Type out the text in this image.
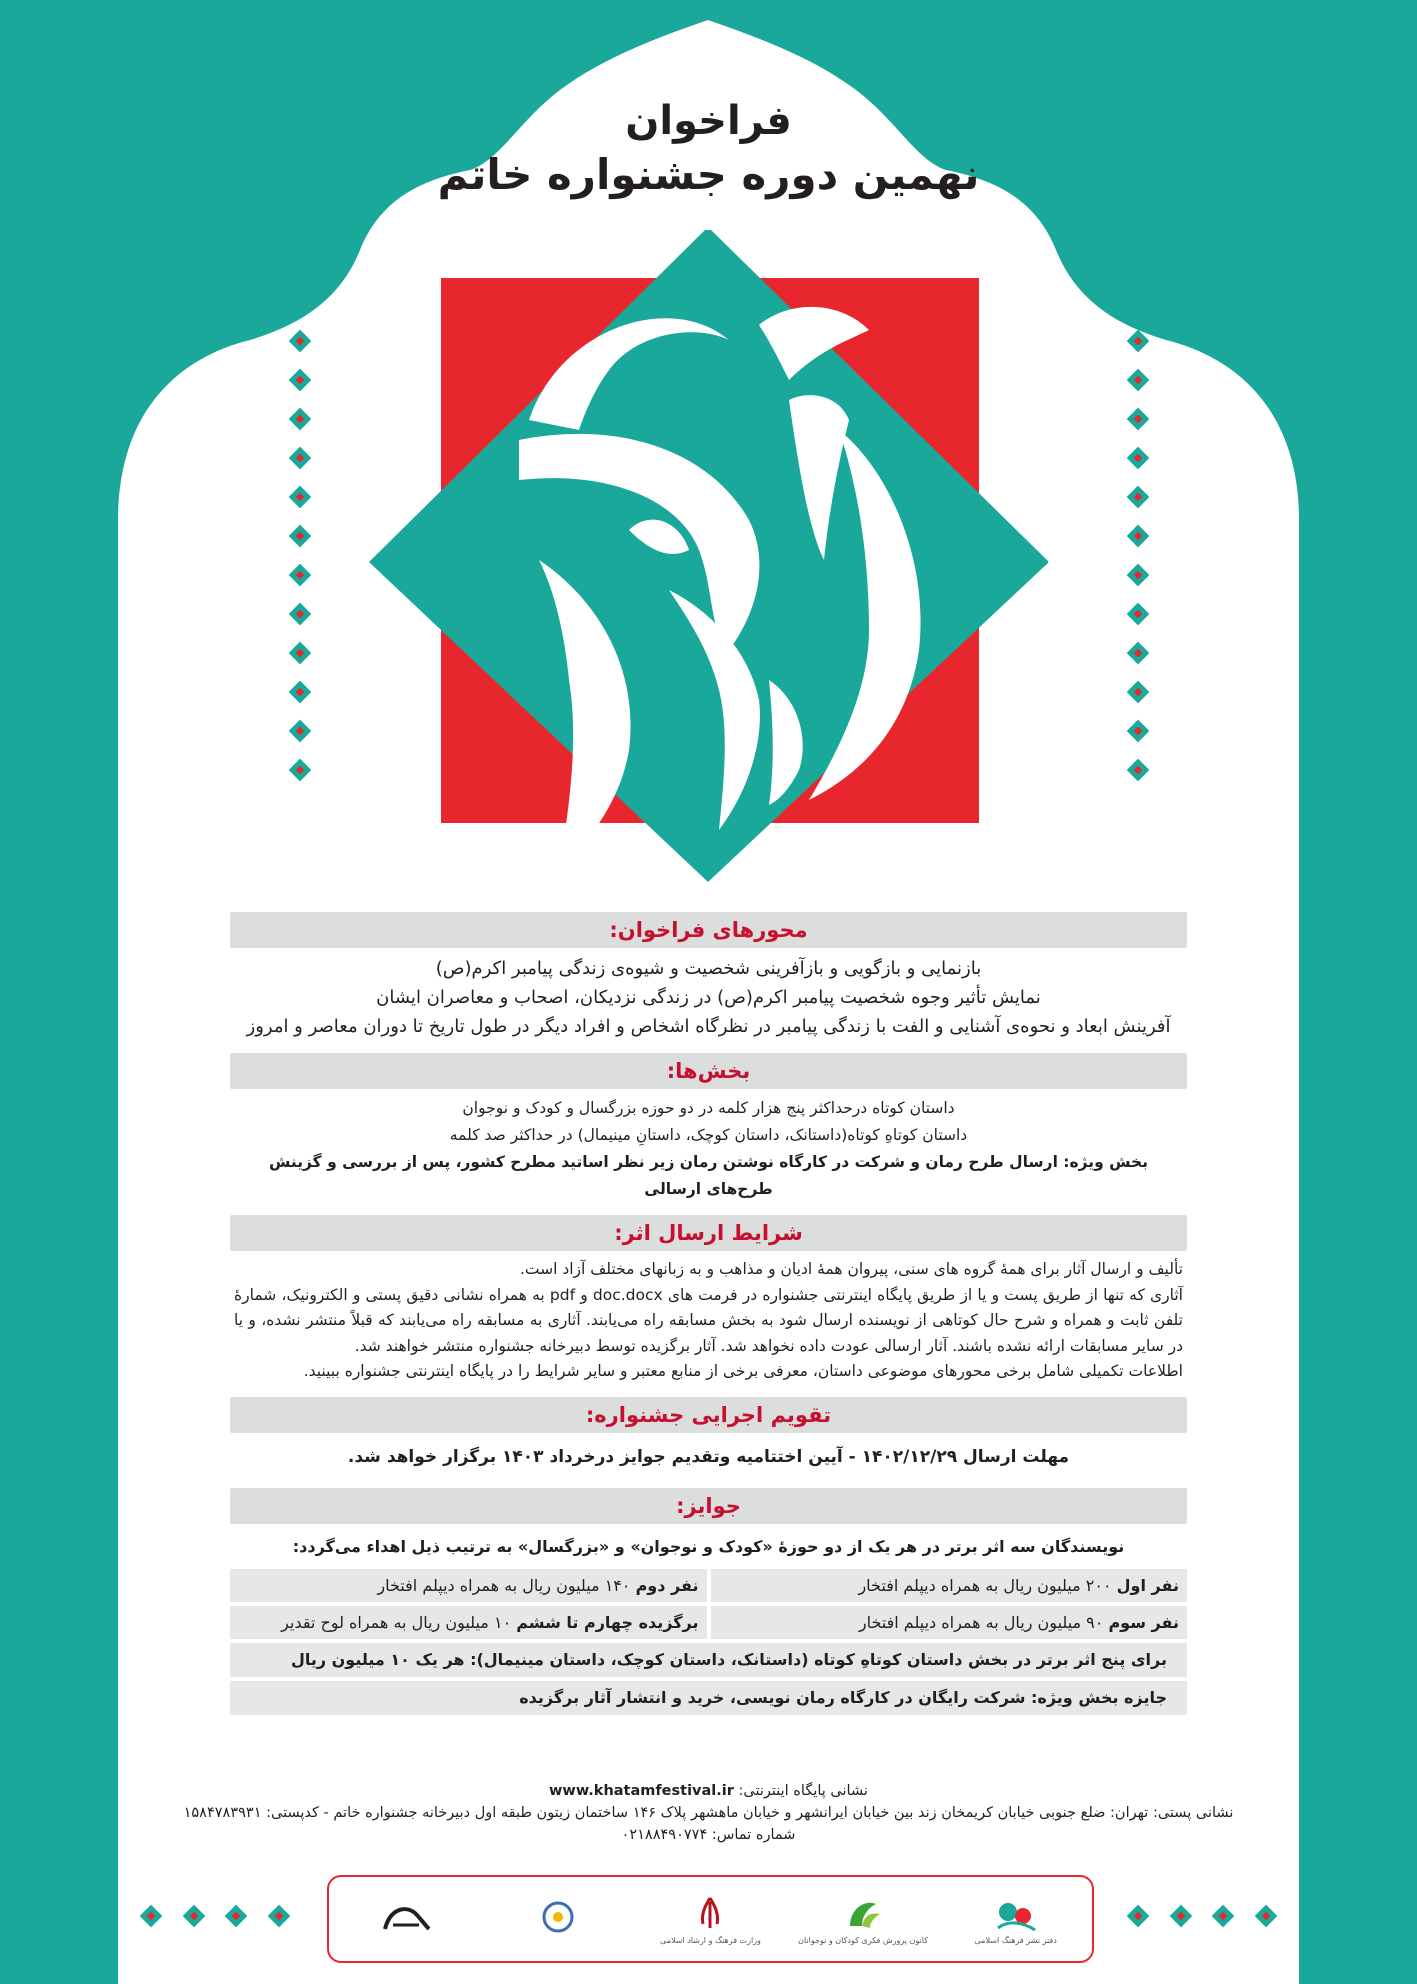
فراخوان
نهمین دوره جشنواره خاتم
محورهای فراخوان:
بازنمایی و بازگویی و بازآفرینی شخصیت و شیوه‌ی زندگی پیامبر اکرم(ص)
نمایش تأثیر وجوه شخصیت پیامبر اکرم(ص) در زندگی نزدیکان، اصحاب و معاصران ایشان
آفرینش ابعاد و نحوه‌ی آشنایی و الفت با زندگی پیامبر در نظرگاه اشخاص و افراد دیگر در طول تاریخ تا دوران معاصر و امروز
بخش‌ها:
داستان کوتاه درحداکثر پنج هزار کلمه در دو حوزه بزرگسال و کودک و نوجوان
داستان کوتاهِ کوتاه(داستانک، داستان کوچک، داستانِ مینیمال) در حداکثر صد کلمه
بخش ویژه: ارسال طرح رمان و شرکت در کارگاه نوشتن رمان زیر نظر اساتید مطرح کشور، پس از بررسی و گزینش طرح‌های ارسالی
شرایط ارسال اثر:
تألیف و ارسال آثار برای همهٔ گروه های سنی، پیروان همهٔ ادیان و مذاهب و به زبانهای مختلف آزاد است.
آثاری که تنها از طریق پست و یا از طریق پایگاه اینترنتی جشنواره در فرمت های doc.docx و pdf به همراه نشانی دقیق پستی و الکترونیک، شمارهٔ تلفن ثابت و همراه و شرح حال کوتاهی از نویسنده ارسال شود به بخش مسابقه راه می‌یابند. آثاری به مسابقه راه می‌یابند که قبلاً منتشر نشده، و یا در سایر مسابقات ارائه نشده باشند. آثار ارسالی عودت داده نخواهد شد. آثار برگزیده توسط دبیرخانه جشنواره منتشر خواهند شد.
اطلاعات تکمیلی شامل برخی محورهای موضوعی داستان، معرفی برخی از منابع معتبر و سایر شرایط را در پایگاه اینترنتی جشنواره ببینید.
تقویم اجرایی جشنواره:
مهلت ارسال ۱۴۰۲/۱۲/۲۹ - آیین اختتامیه وتقدیم جوایز درخرداد ۱۴۰۳ برگزار خواهد شد.
جوایز:
نویسندگان سه اثر برتر در هر یک از دو حوزهٔ «کودک و نوجوان» و «بزرگسال» به ترتیب ذیل اهداء می‌گردد:
نفر اول ۲۰۰ میلیون ریال به همراه دیپلم افتخار
نفر دوم ۱۴۰ میلیون ریال به همراه دیپلم افتخار
نفر سوم ۹۰ میلیون ریال به همراه دیپلم افتخار
برگزیده چهارم تا ششم ۱۰ میلیون ریال به همراه لوح تقدیر
برای پنج اثر برتر در بخش داستان کوتاهِ کوتاه (داستانک، داستان کوچک، داستان مینیمال): هر یک ۱۰ میلیون ریال
جایزه بخش ویژه: شرکت رایگان در کارگاه رمان نویسی، خرید و انتشار آثار برگزیده
نشانی پایگاه اینترنتی: www.khatamfestival.ir
نشانی پستی: تهران: ضلع جنوبی خیابان کریمخان زند بین خیابان ایرانشهر و خیابان ماهشهر پلاک ۱۴۶ ساختمان زیتون طبقه اول دبیرخانه جشنواره خاتم - کدپستی: ۱۵۸۴۷۸۳۹۳۱
شماره تماس: ۰۲۱۸۸۴۹۰۷۷۴
دفتر نشر فرهنگ اسلامی
کانون پرورش فکری کودکان و نوجوانان
وزارت فرهنگ و ارشاد اسلامی
